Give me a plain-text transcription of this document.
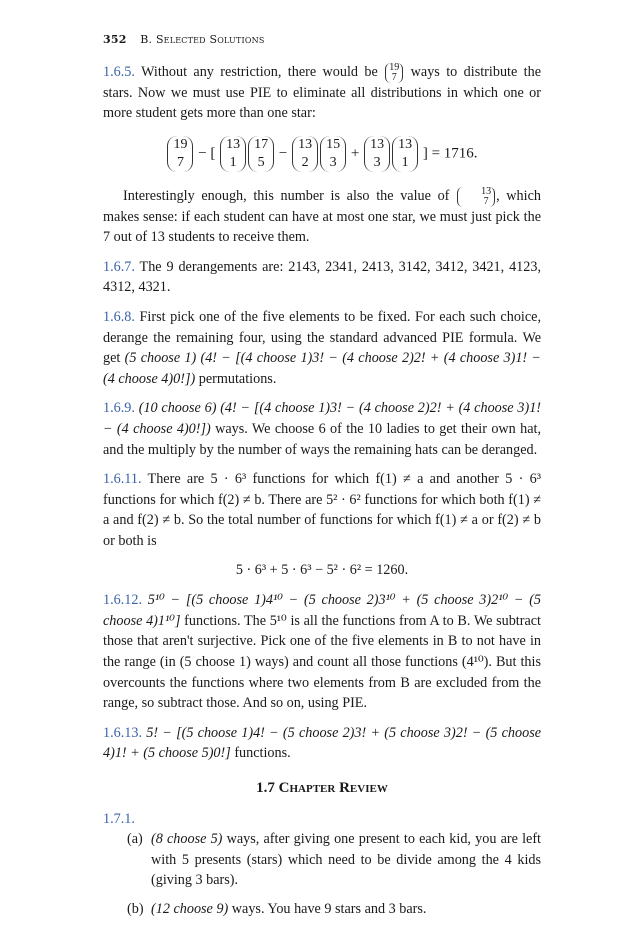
352 B. Selected Solutions

1.6.5. Without any restriction, there would be 19
7 ways to distribute the stars. Now we must use PIE to eliminate all distributions in which one or more student gets more than one star:

19
7
− [
13
1
17
5
−
13
2
15
3
+
13
3
13
1
] = 1716.

Interestingly enough, this number is also the value of	13
7 , which makes sense: if each student can have at most one star, we must just pick the 7 out of 13 students to receive them.

1.6.7. The 9 derangements are: 2143, 2341, 2413, 3142, 3412, 3421, 4123, 4312, 4321.

1.6.8. First pick one of the five elements to be fixed. For each such choice, derange the remaining four, using the standard advanced PIE formula. We get (5 choose 1) (4! − [(4 choose 1)3! − (4 choose 2)2! + (4 choose 3)1! − (4 choose 4)0!]) permutations.

1.6.9. (10 choose 6) (4! − [(4 choose 1)3! − (4 choose 2)2! + (4 choose 3)1! − (4 choose 4)0!]) ways. We choose 6 of the 10 ladies to get their own hat, and the multiply by the number of ways the remaining hats can be deranged.

1.6.11. There are 5 · 6³ functions for which f(1) ≠ a and another 5 · 6³ functions for which f(2) ≠ b. There are 5² · 6² functions for which both f(1) ≠ a and f(2) ≠ b. So the total number of functions for which f(1) ≠ a or f(2) ≠ b or both is

5 · 6³ + 5 · 6³ − 5² · 6² = 1260.

1.6.12. 5¹⁰ − [(5 choose 1)4¹⁰ − (5 choose 2)3¹⁰ + (5 choose 3)2¹⁰ − (5 choose 4)1¹⁰] functions. The 5¹⁰ is all the functions from A to B. We subtract those that aren't surjective. Pick one of the five elements in B to not have in the range (in (5 choose 1) ways) and count all those functions (4¹⁰). But this overcounts the functions where two elements from B are excluded from the range, so subtract those. And so on, using PIE.

1.6.13. 5! − [(5 choose 1)4! − (5 choose 2)3! + (5 choose 3)2! − (5 choose 4)1! + (5 choose 5)0!] functions.

1.7 Chapter Review

1.7.1.

(a) (8 choose 5) ways, after giving one present to each kid, you are left with 5 presents (stars) which need to be divide among the 4 kids (giving 3 bars).
(b) (12 choose 9) ways. You have 9 stars and 3 bars.
